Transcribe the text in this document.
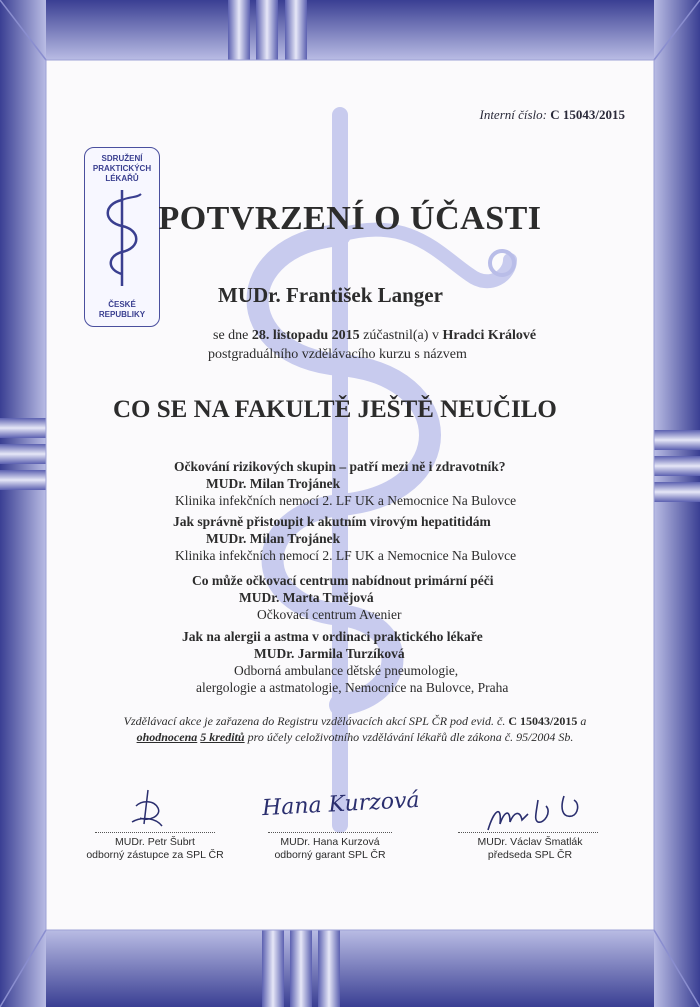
Interní číslo: C 15043/2015
SDRUŽENÍ PRAKTICKÝCH LÉKAŘŮ
ČESKÉ REPUBLIKY
POTVRZENÍ O ÚČASTI
MUDr. František Langer
se dne 28. listopadu 2015 zúčastnil(a) v Hradci Králové
postgraduálního vzdělávacího kurzu s názvem
CO SE NA FAKULTĚ JEŠTĚ NEUČILO
Očkování rizikových skupin – patří mezi ně i zdravotník?
MUDr. Milan Trojánek
Klinika infekčních nemocí 2. LF UK a Nemocnice Na Bulovce
Jak správně přistoupit k akutním virovým hepatitidám
MUDr. Milan Trojánek
Klinika infekčních nemocí 2. LF UK a Nemocnice Na Bulovce
Co může očkovací centrum nabídnout primární péči
MUDr. Marta Tmějová
Očkovací centrum Avenier
Jak na alergii a astma v ordinaci praktického lékaře
MUDr. Jarmila Turzíková
Odborná ambulance dětské pneumologie,
alergologie a astmatologie, Nemocnice na Bulovce, Praha
Vzdělávací akce je zařazena do Registru vzdělávacích akcí SPL ČR pod evid. č. C 15043/2015 a
ohodnocena 5 kreditů pro účely celoživotního vzdělávání lékařů dle zákona č. 95/2004 Sb.
MUDr. Petr Šubrt
odborný zástupce za SPL ČR
Hana Kurzová
MUDr. Hana Kurzová
odborný garant SPL ČR
MUDr. Václav Šmatlák
předseda SPL ČR
